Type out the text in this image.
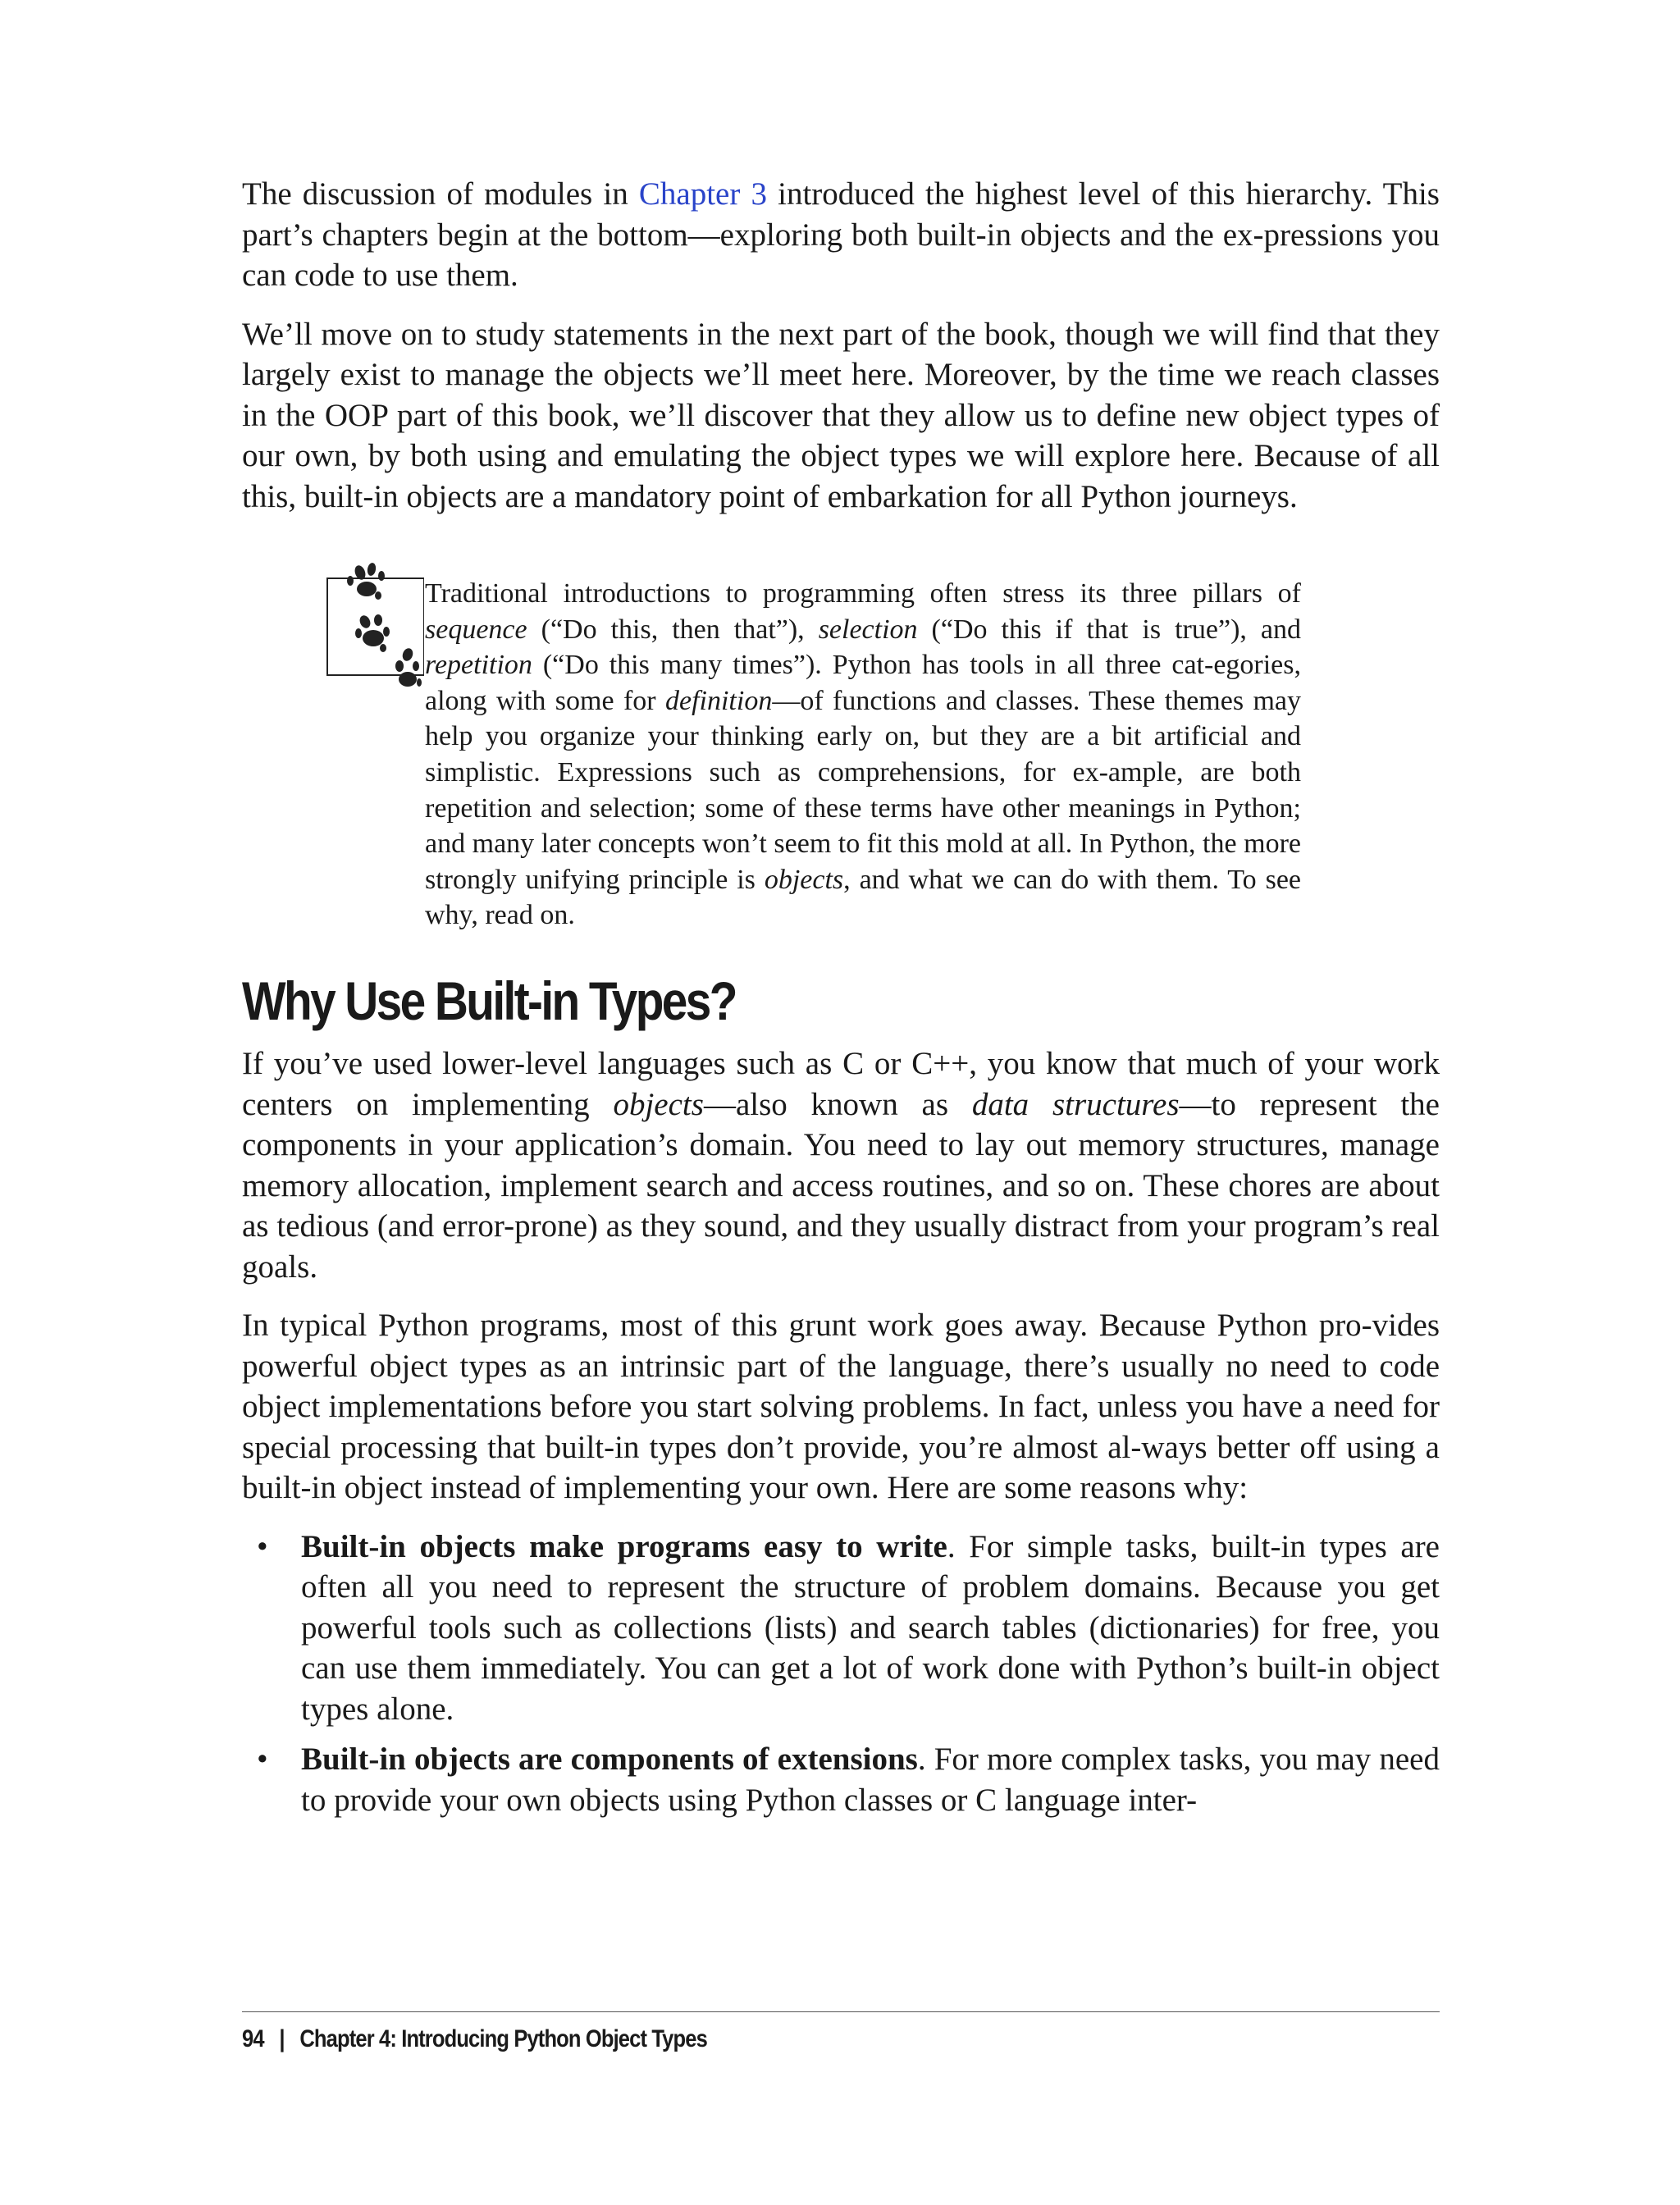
The discussion of modules in Chapter 3 introduced the highest level of this hierarchy. This part’s chapters begin at the bottom—exploring both built-in objects and the ex-pressions you can code to use them.

We’ll move on to study statements in the next part of the book, though we will find that they largely exist to manage the objects we’ll meet here. Moreover, by the time we reach classes in the OOP part of this book, we’ll discover that they allow us to define new object types of our own, by both using and emulating the object types we will explore here. Because of all this, built-in objects are a mandatory point of embarkation for all Python journeys.

Traditional introductions to programming often stress its three pillars of sequence (“Do this, then that”), selection (“Do this if that is true”), and repetition (“Do this many times”). Python has tools in all three cat-egories, along with some for definition—of functions and classes. These themes may help you organize your thinking early on, but they are a bit artificial and simplistic. Expressions such as comprehensions, for ex-ample, are both repetition and selection; some of these terms have other meanings in Python; and many later concepts won’t seem to fit this mold at all. In Python, the more strongly unifying principle is objects, and what we can do with them. To see why, read on.
Why Use Built-in Types?

If you’ve used lower-level languages such as C or C++, you know that much of your work centers on implementing objects—also known as data structures—to represent the components in your application’s domain. You need to lay out memory structures, manage memory allocation, implement search and access routines, and so on. These chores are about as tedious (and error-prone) as they sound, and they usually distract from your program’s real goals.

In typical Python programs, most of this grunt work goes away. Because Python pro-vides powerful object types as an intrinsic part of the language, there’s usually no need to code object implementations before you start solving problems. In fact, unless you have a need for special processing that built-in types don’t provide, you’re almost al-ways better off using a built-in object instead of implementing your own. Here are some reasons why:

• Built-in objects make programs easy to write. For simple tasks, built-in types are often all you need to represent the structure of problem domains. Because you get powerful tools such as collections (lists) and search tables (dictionaries) for free, you can use them immediately. You can get a lot of work done with Python’s built-in object types alone.
• Built-in objects are components of extensions. For more complex tasks, you may need to provide your own objects using Python classes or C language inter-
94 | Chapter 4: Introducing Python Object Types
